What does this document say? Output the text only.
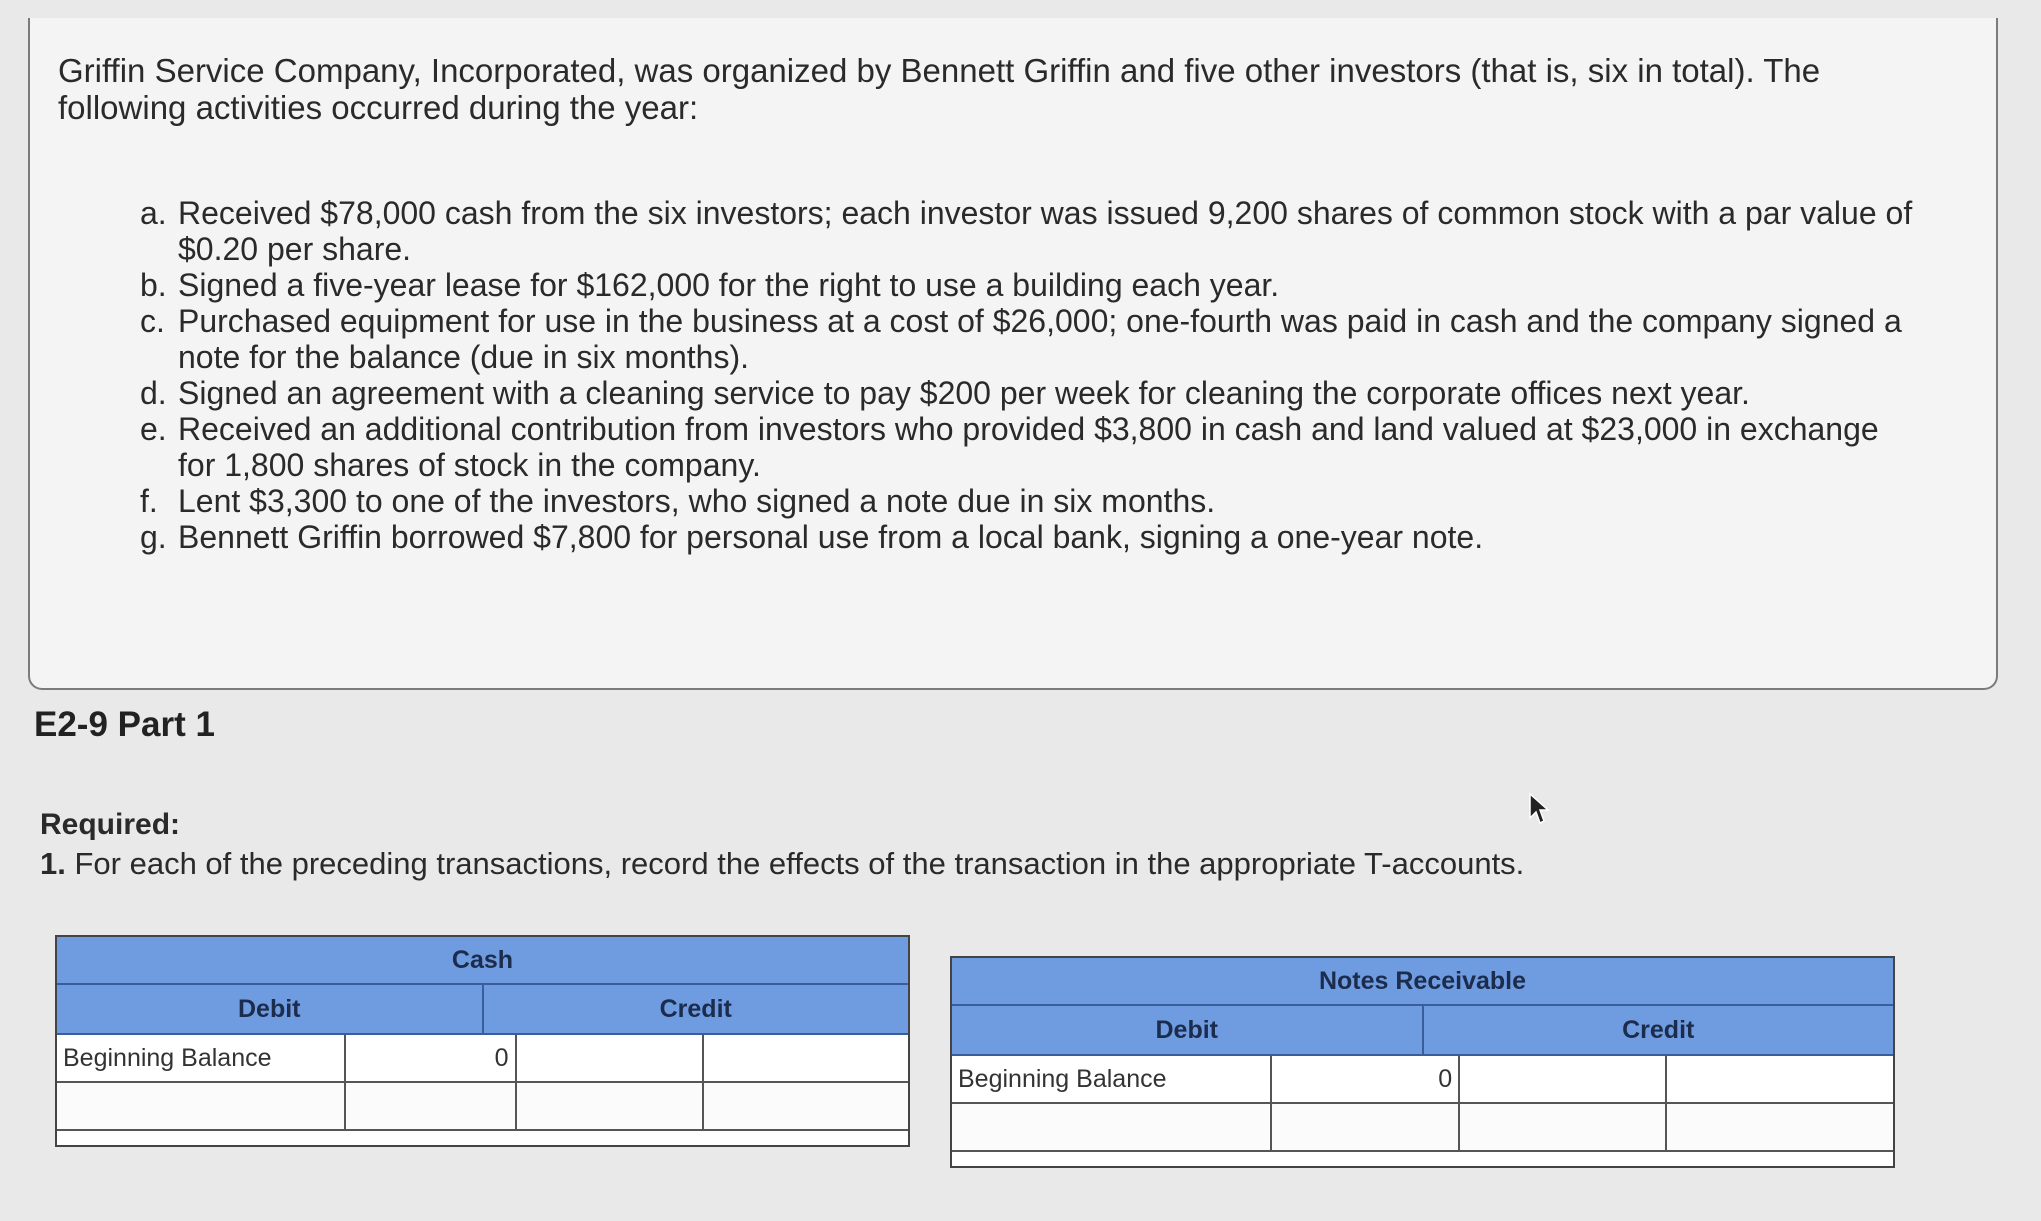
Griffin Service Company, Incorporated, was organized by Bennett Griffin and five other investors (that is, six in total). The following activities occurred during the year:

a. Received $78,000 cash from the six investors; each investor was issued 9,200 shares of common stock with a par value of $0.20 per share.
b. Signed a five-year lease for $162,000 for the right to use a building each year.
c. Purchased equipment for use in the business at a cost of $26,000; one-fourth was paid in cash and the company signed a note for the balance (due in six months).
d. Signed an agreement with a cleaning service to pay $200 per week for cleaning the corporate offices next year.
e. Received an additional contribution from investors who provided $3,800 in cash and land valued at $23,000 in exchange for 1,800 shares of stock in the company.
f. Lent $3,300 to one of the investors, who signed a note due in six months.
g. Bennett Griffin borrowed $7,800 for personal use from a local bank, signing a one-year note.
E2-9 Part 1

Required:

1. For each of the preceding transactions, record the effects of the transaction in the appropriate T-accounts.

Cash
Debit	Credit
Beginning Balance	0
Notes Receivable
Debit	Credit
Beginning Balance	0
